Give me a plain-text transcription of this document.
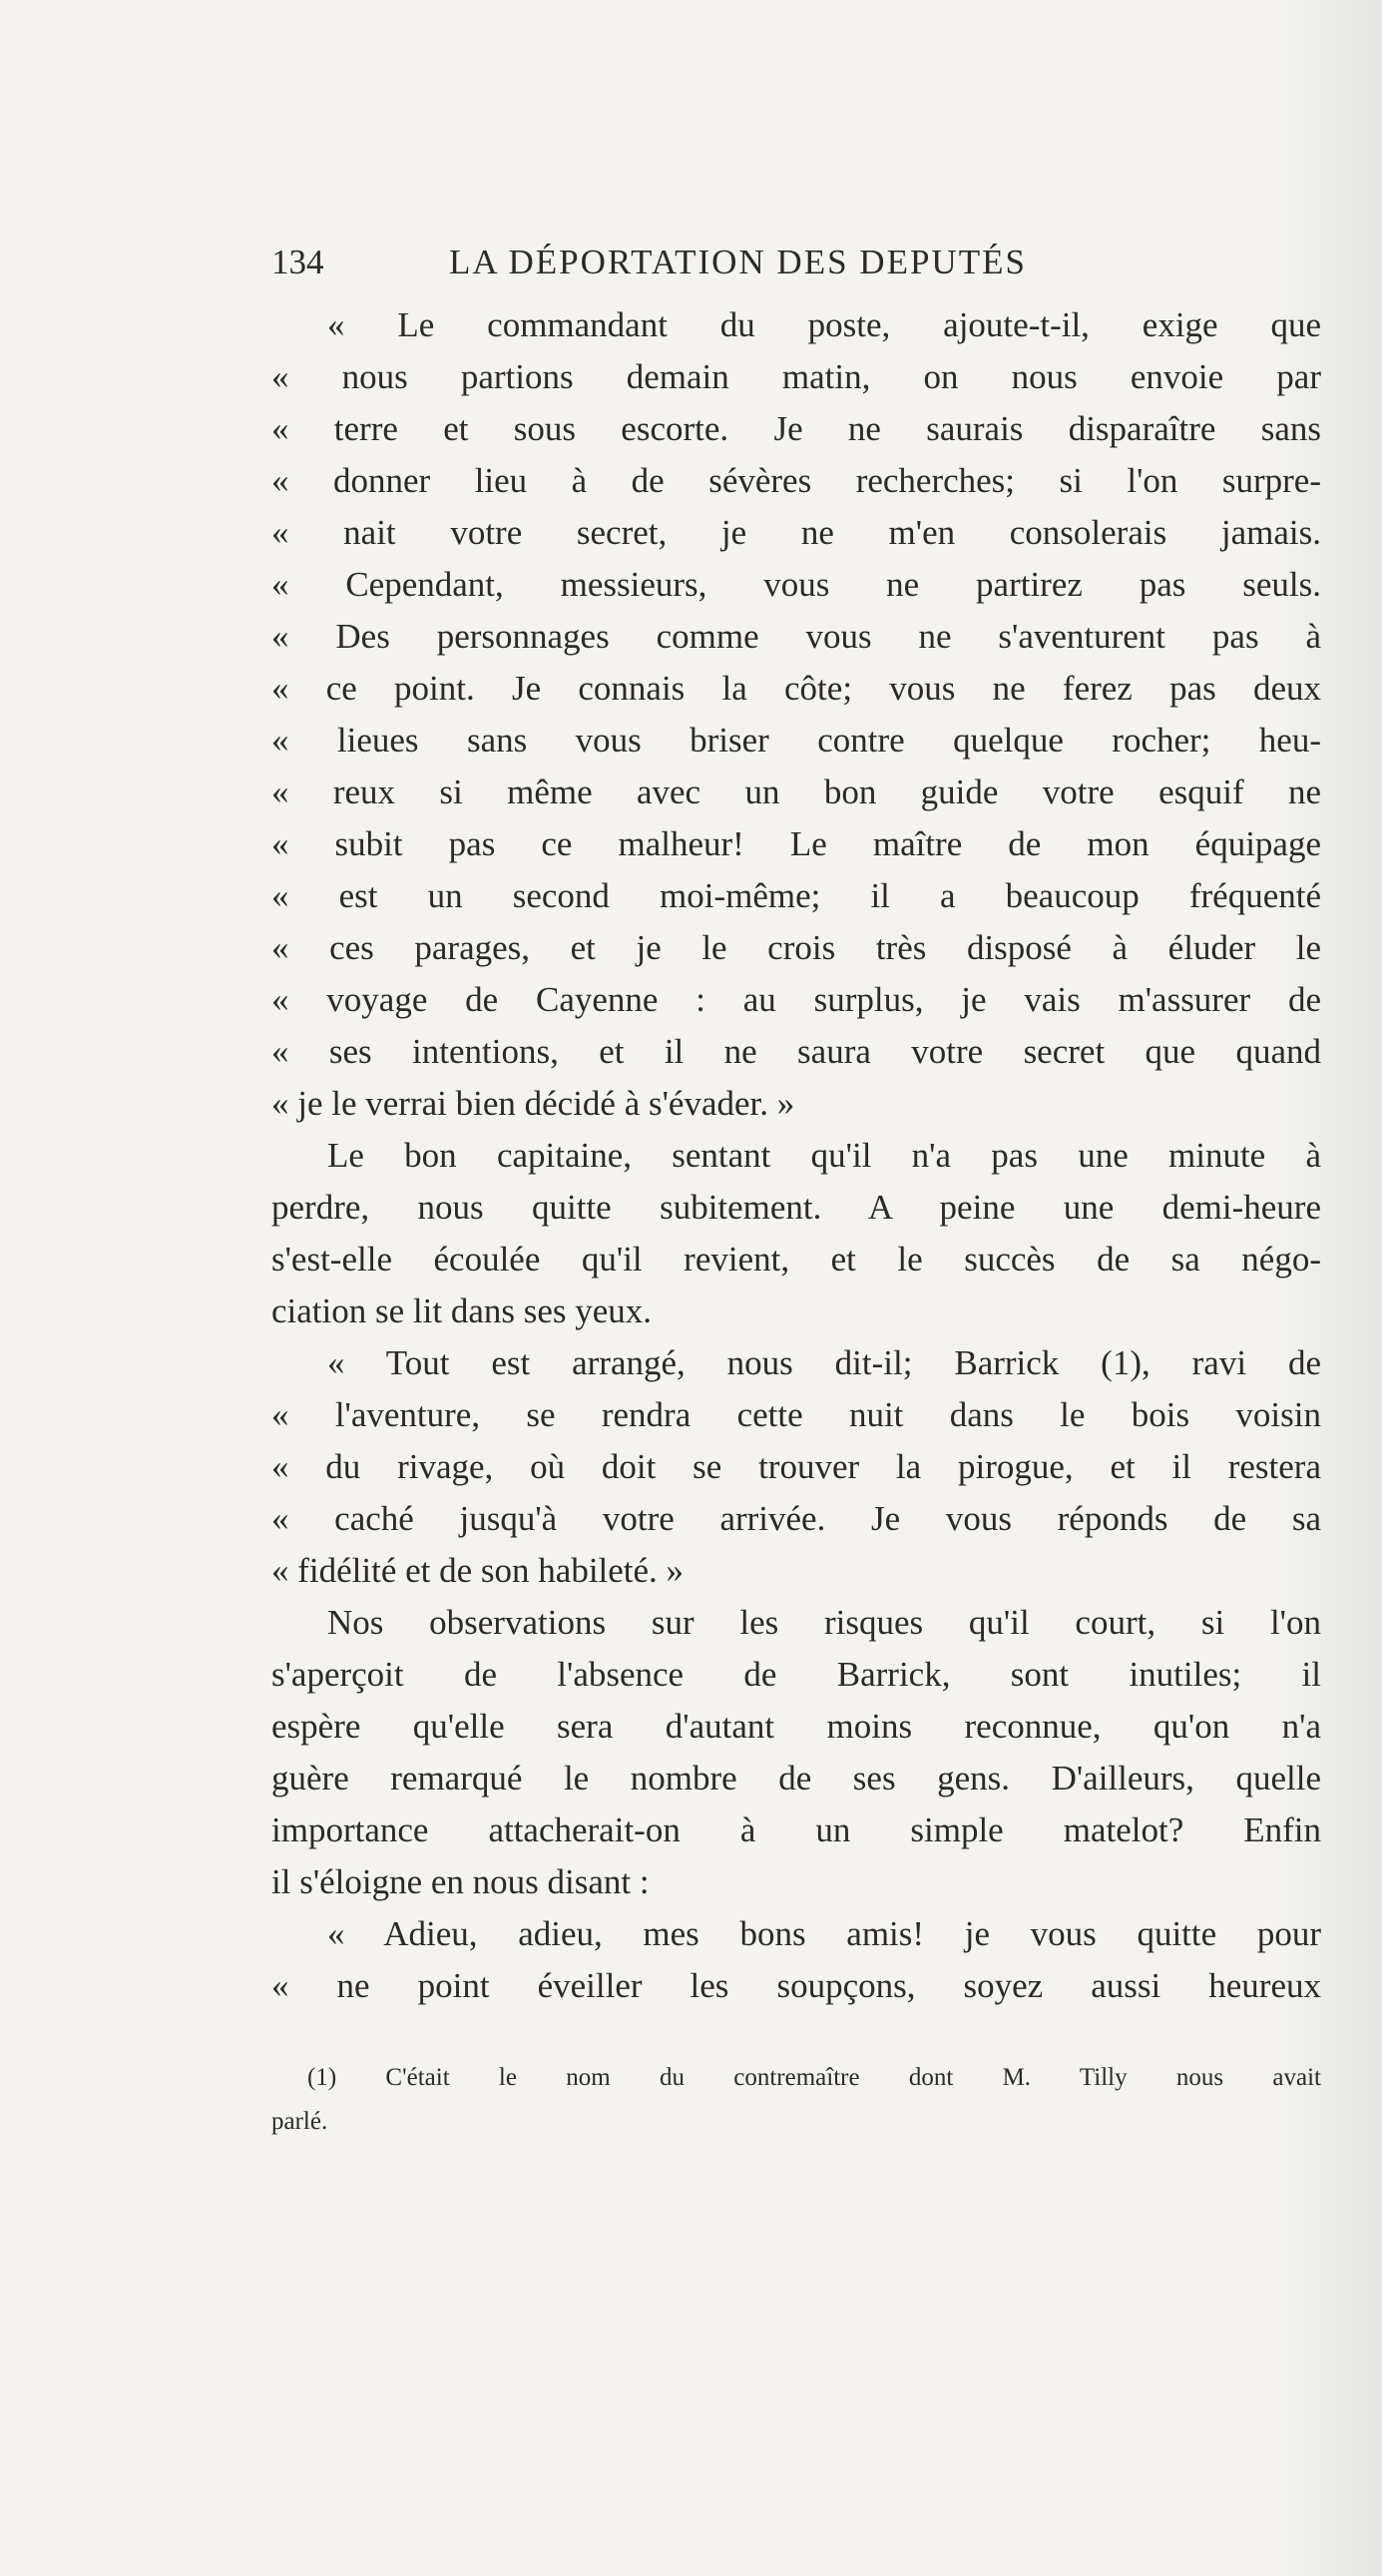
134	LA DÉPORTATION DES DEPUTÉS
« Le commandant du poste, ajoute-t-il, exige que
« nous partions demain matin, on nous envoie par
« terre et sous escorte. Je ne saurais disparaître sans
« donner lieu à de sévères recherches; si l'on surpre-
« nait votre secret, je ne m'en consolerais jamais.
« Cependant, messieurs, vous ne partirez pas seuls.
« Des personnages comme vous ne s'aventurent pas à
« ce point. Je connais la côte; vous ne ferez pas deux
« lieues sans vous briser contre quelque rocher; heu-
« reux si même avec un bon guide votre esquif ne
« subit pas ce malheur! Le maître de mon équipage
« est un second moi-même; il a beaucoup fréquenté
« ces parages, et je le crois très disposé à éluder le
« voyage de Cayenne : au surplus, je vais m'assurer de
« ses intentions, et il ne saura votre secret que quand
« je le verrai bien décidé à s'évader. »
Le bon capitaine, sentant qu'il n'a pas une minute à
perdre, nous quitte subitement. A peine une demi-heure
s'est-elle écoulée qu'il revient, et le succès de sa négo-
ciation se lit dans ses yeux.
« Tout est arrangé, nous dit-il; Barrick (1), ravi de
« l'aventure, se rendra cette nuit dans le bois voisin
« du rivage, où doit se trouver la pirogue, et il restera
« caché jusqu'à votre arrivée. Je vous réponds de sa
« fidélité et de son habileté. »
Nos observations sur les risques qu'il court, si l'on
s'aperçoit de l'absence de Barrick, sont inutiles; il
espère qu'elle sera d'autant moins reconnue, qu'on n'a
guère remarqué le nombre de ses gens. D'ailleurs, quelle
importance attacherait-on à un simple matelot? Enfin
il s'éloigne en nous disant :
« Adieu, adieu, mes bons amis! je vous quitte pour
« ne point éveiller les soupçons, soyez aussi heureux
(1) C'était le nom du contremaître dont M. Tilly nous avait
parlé.
